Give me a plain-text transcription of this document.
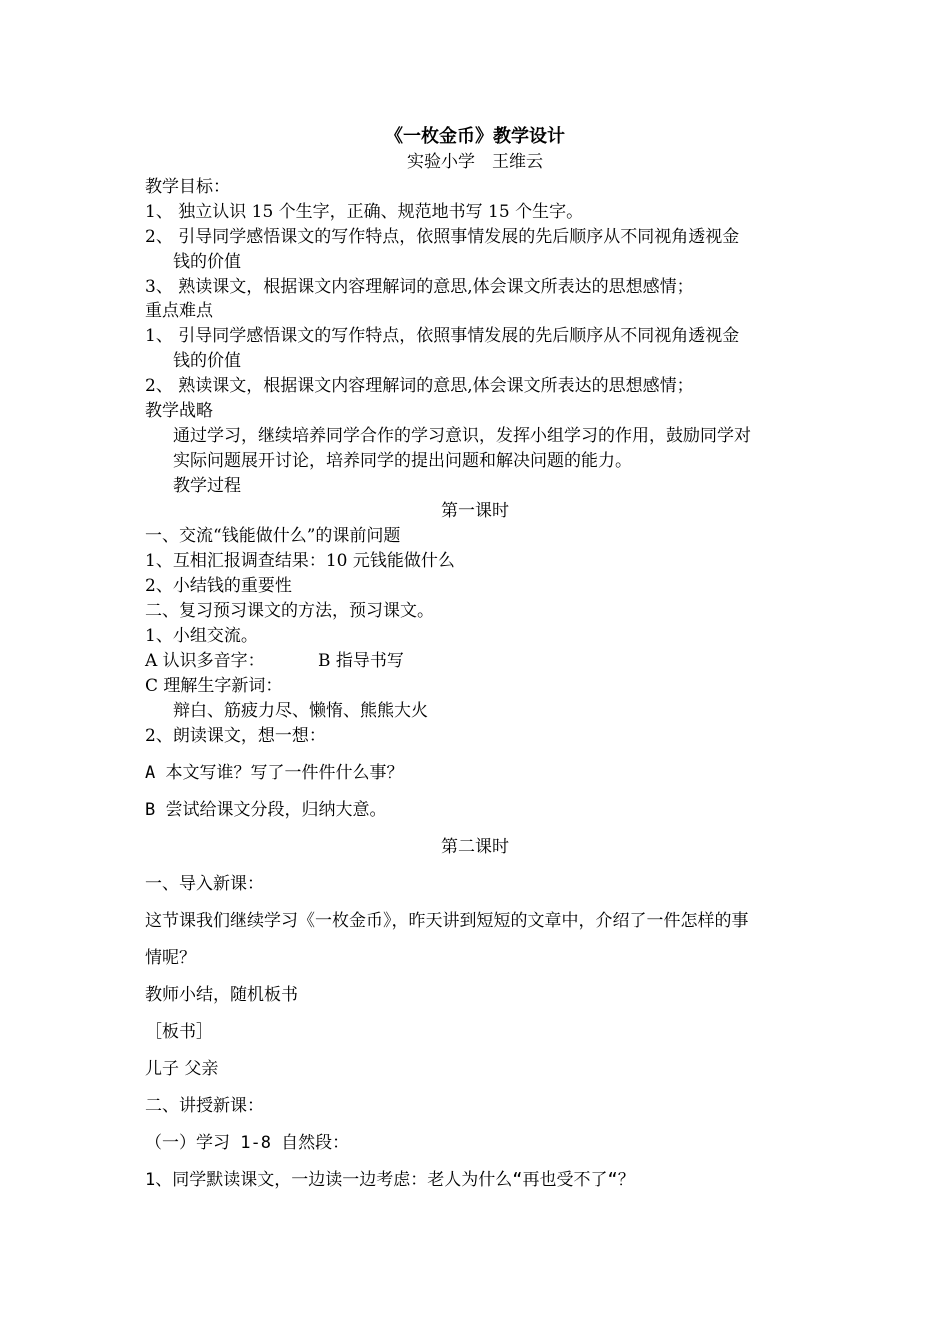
《一枚金币》教学设计
实验小学　王维云
教学目标：
1、 独立认识 15 个生字，正确、规范地书写 15 个生字。
2、 引导同学感悟课文的写作特点，依照事情发展的先后顺序从不同视角透视金
钱的价值
3、 熟读课文，根据课文内容理解词的意思,体会课文所表达的思想感情；
重点难点
1、 引导同学感悟课文的写作特点，依照事情发展的先后顺序从不同视角透视金
钱的价值
2、 熟读课文，根据课文内容理解词的意思,体会课文所表达的思想感情；
教学战略
通过学习，继续培养同学合作的学习意识，发挥小组学习的作用，鼓励同学对
实际问题展开讨论，培养同学的提出问题和解决问题的能力。
教学过程
第一课时
一、交流“钱能做什么”的课前问题
1、互相汇报调查结果：10 元钱能做什么
2、小结钱的重要性
二、复习预习课文的方法，预习课文。
1、小组交流。
A 认识多音字：	B 指导书写
C 理解生字新词：
辩白、筋疲力尽、懒惰、熊熊大火
2、朗读课文，想一想：
A 本文写谁？写了一件件什么事？
B 尝试给课文分段，归纳大意。
第二课时
一、导入新课：
这节课我们继续学习《一枚金币》，昨天讲到短短的文章中，介绍了一件怎样的事
情呢？
教师小结，随机板书
［板书］
儿子 父亲
二、讲授新课：
（一）学习 1-8 自然段：
1、同学默读课文，一边读一边考虑：老人为什么“再也受不了“？
